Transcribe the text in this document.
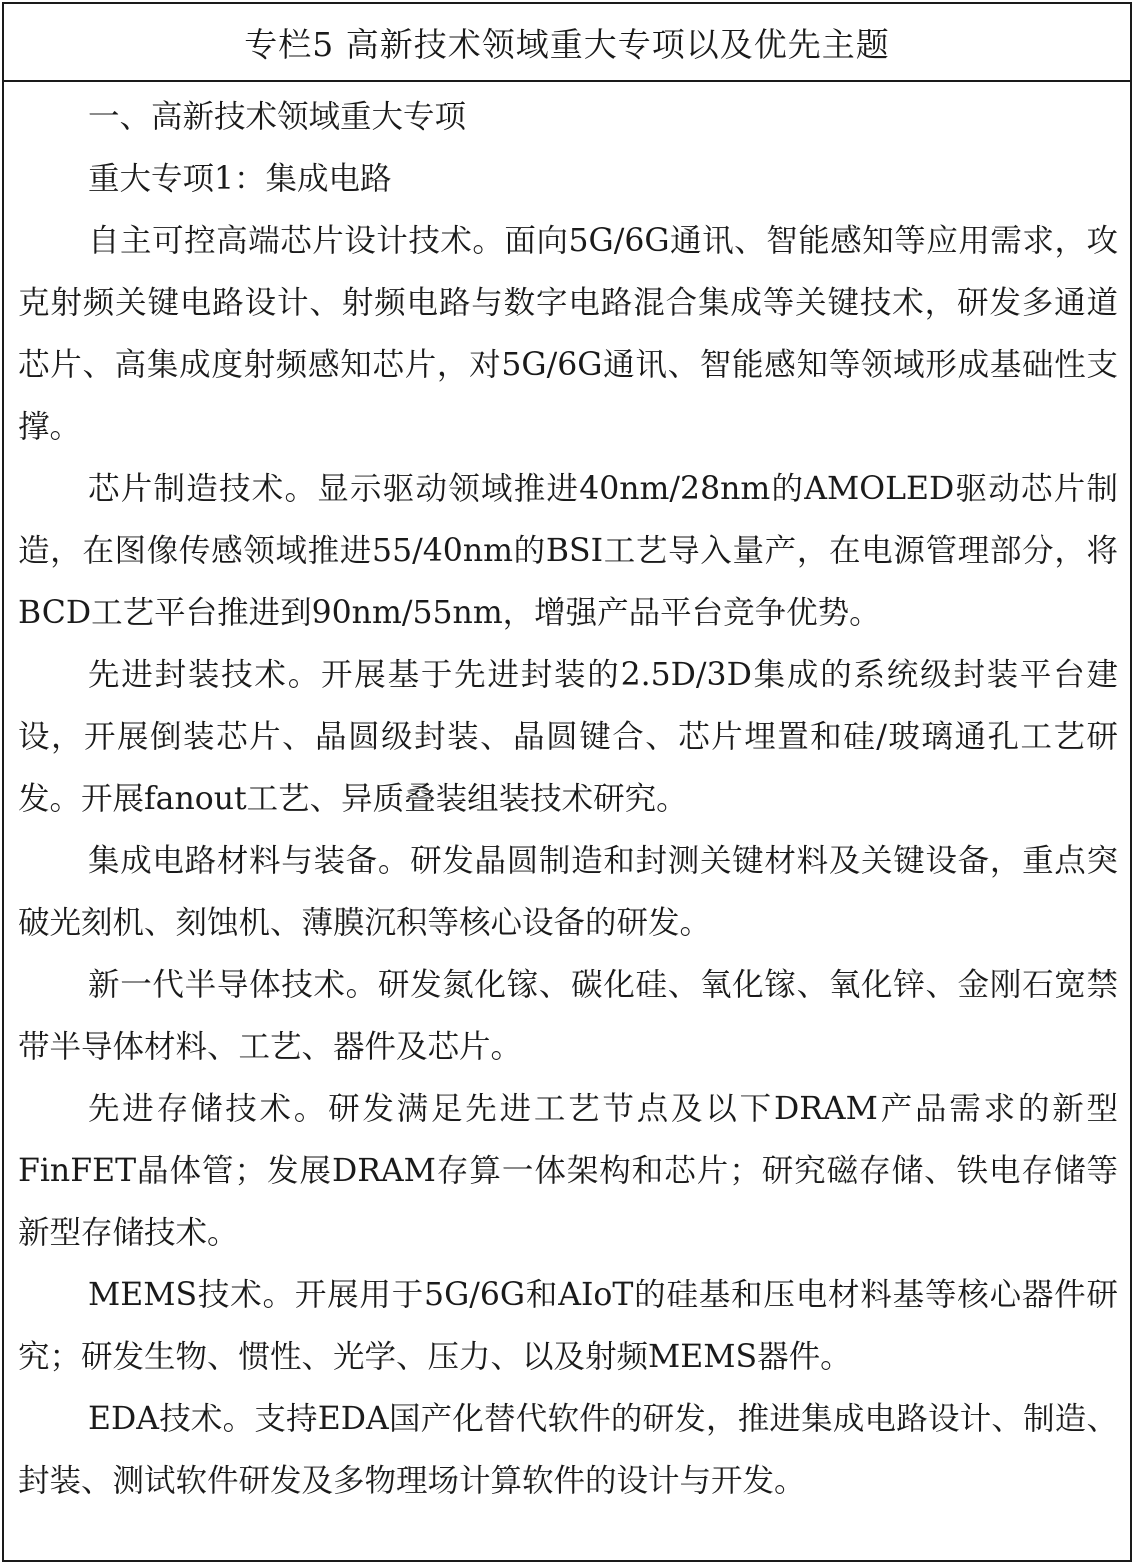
专栏5 高新技术领域重大专项以及优先主题

一、高新技术领域重大专项

重大专项1：集成电路

自主可控高端芯片设计技术。面向5G/6G通讯、智能感知等应用需求，攻克射频关键电路设计、射频电路与数字电路混合集成等关键技术，研发多通道芯片、高集成度射频感知芯片，对5G/6G通讯、智能感知等领域形成基础性支撑。

芯片制造技术。显示驱动领域推进40nm/28nm的AMOLED驱动芯片制造，在图像传感领域推进55/40nm的BSI工艺导入量产，在电源管理部分，将BCD工艺平台推进到90nm/55nm，增强产品平台竞争优势。

先进封装技术。开展基于先进封装的2.5D/3D集成的系统级封装平台建设，开展倒装芯片、晶圆级封装、晶圆键合、芯片埋置和硅/玻璃通孔工艺研发。开展fanout工艺、异质叠装组装技术研究。

集成电路材料与装备。研发晶圆制造和封测关键材料及关键设备，重点突破光刻机、刻蚀机、薄膜沉积等核心设备的研发。

新一代半导体技术。研发氮化镓、碳化硅、氧化镓、氧化锌、金刚石宽禁带半导体材料、工艺、器件及芯片。

先进存储技术。研发满足先进工艺节点及以下DRAM产品需求的新型FinFET晶体管；发展DRAM存算一体架构和芯片；研究磁存储、铁电存储等新型存储技术。

MEMS技术。开展用于5G/6G和AIoT的硅基和压电材料基等核心器件研究；研发生物、惯性、光学、压力、以及射频MEMS器件。

EDA技术。支持EDA国产化替代软件的研发，推进集成电路设计、制造、封装、测试软件研发及多物理场计算软件的设计与开发。
